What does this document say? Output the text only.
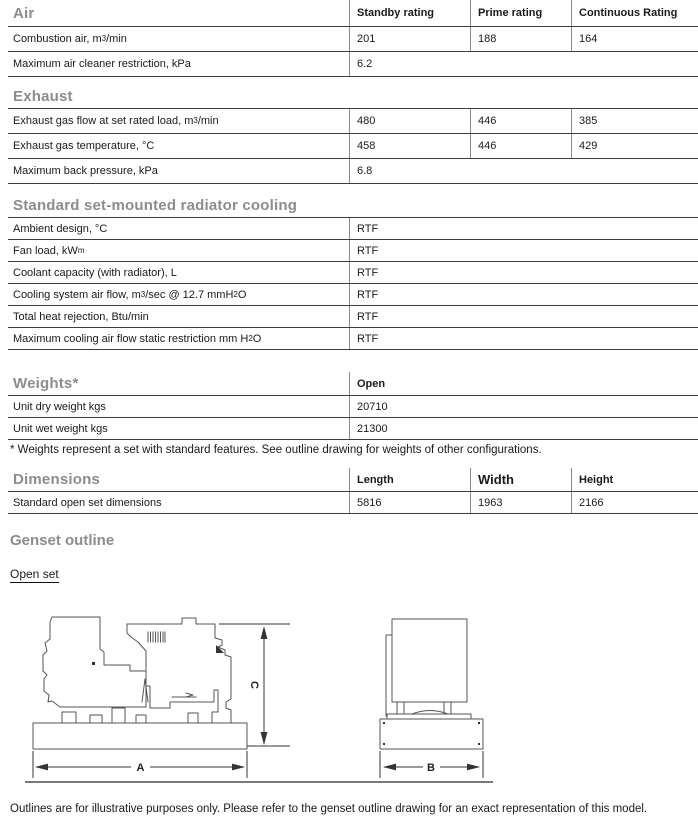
Air	Standby rating	Prime rating	Continuous Rating
Combustion air, m 3 /min	201	188	164
Maximum air cleaner restriction, kPa	6.2
Exhaust
Exhaust gas flow at set rated load, m 3 /min	480	446	385
Exhaust gas temperature, °C	458	446	429
Maximum back pressure, kPa	6.8
Standard set-mounted radiator cooling
Ambient design, °C	RTF
Fan load, kW m	RTF
Coolant capacity (with radiator), L	RTF
Cooling system air flow, m 3 /sec @ 12.7 mmH 2 O	RTF
Total heat rejection, Btu/min	RTF
Maximum cooling air flow static restriction mm H 2 O	RTF
Weights*	Open
Unit dry weight kgs	20710
Unit wet weight kgs	21300
* Weights represent a set with standard features. See outline drawing for weights of other configurations.
Dimensions	Length	Width	Height
Standard open set dimensions	5816	1963	2166
Genset outline
Open set
A
C
B
Outlines are for illustrative purposes only. Please refer to the genset outline drawing for an exact representation of this model.
